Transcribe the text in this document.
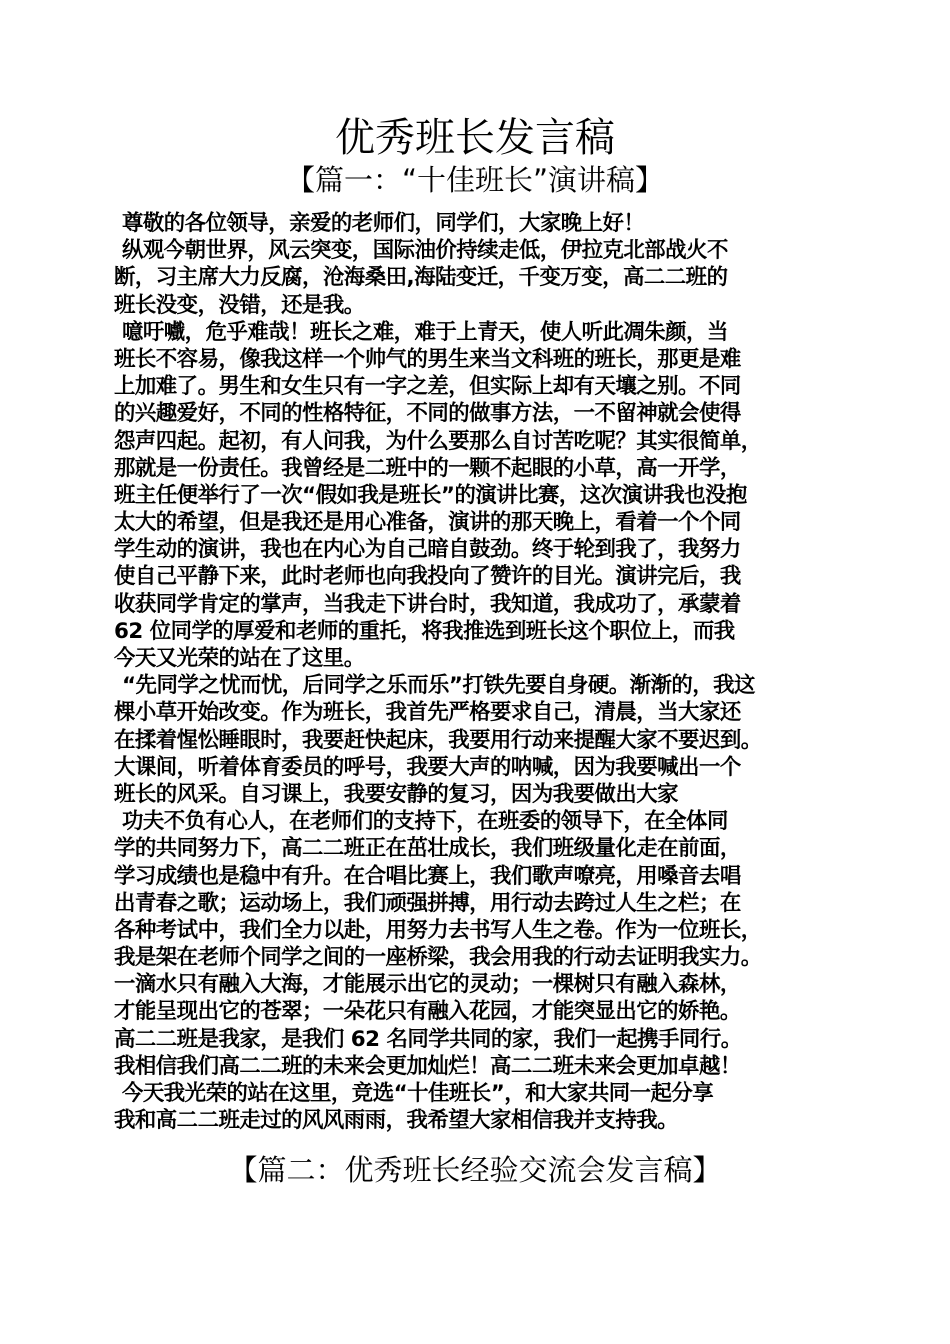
优秀班长发言稿
【篇一：“十佳班长”演讲稿】
尊敬的各位领导，亲爱的老师们，同学们，大家晚上好！
纵观今朝世界，风云突变，国际油价持续走低，伊拉克北部战火不
断，习主席大力反腐，沧海桑田,海陆变迁，千变万变，高二二班的
班长没变，没错，还是我。
噫吁嚱，危乎难哉！班长之难，难于上青天，使人听此凋朱颜，当
班长不容易，像我这样一个帅气的男生来当文科班的班长，那更是难
上加难了。男生和女生只有一字之差，但实际上却有天壤之别。不同
的兴趣爱好，不同的性格特征，不同的做事方法，一不留神就会使得
怨声四起。起初，有人问我，为什么要那么自讨苦吃呢？其实很简单，
那就是一份责任。我曾经是二班中的一颗不起眼的小草，高一开学，
班主任便举行了一次“假如我是班长”的演讲比赛，这次演讲我也没抱
太大的希望，但是我还是用心准备，演讲的那天晚上，看着一个个同
学生动的演讲，我也在内心为自己暗自鼓劲。终于轮到我了，我努力
使自己平静下来，此时老师也向我投向了赞许的目光。演讲完后，我
收获同学肯定的掌声，当我走下讲台时，我知道，我成功了，承蒙着
62 位同学的厚爱和老师的重托，将我推选到班长这个职位上，而我
今天又光荣的站在了这里。
“先同学之忧而忧，后同学之乐而乐”打铁先要自身硬。渐渐的，我这
棵小草开始改变。作为班长，我首先严格要求自己，清晨，当大家还
在揉着惺忪睡眼时，我要赶快起床，我要用行动来提醒大家不要迟到。
大课间，听着体育委员的呼号，我要大声的呐喊，因为我要喊出一个
班长的风采。自习课上，我要安静的复习，因为我要做出大家
功夫不负有心人，在老师们的支持下，在班委的领导下，在全体同
学的共同努力下，高二二班正在茁壮成长，我们班级量化走在前面，
学习成绩也是稳中有升。在合唱比赛上，我们歌声嘹亮，用嗓音去唱
出青春之歌；运动场上，我们顽强拼搏，用行动去跨过人生之栏；在
各种考试中，我们全力以赴，用努力去书写人生之卷。作为一位班长，
我是架在老师个同学之间的一座桥梁，我会用我的行动去证明我实力。
一滴水只有融入大海，才能展示出它的灵动；一棵树只有融入森林，
才能呈现出它的苍翠；一朵花只有融入花园，才能突显出它的娇艳。
高二二班是我家，是我们 62 名同学共同的家，我们一起携手同行。
我相信我们高二二班的未来会更加灿烂！高二二班未来会更加卓越！
今天我光荣的站在这里，竞选“十佳班长”，和大家共同一起分享
我和高二二班走过的风风雨雨，我希望大家相信我并支持我。
【篇二：优秀班长经验交流会发言稿】
